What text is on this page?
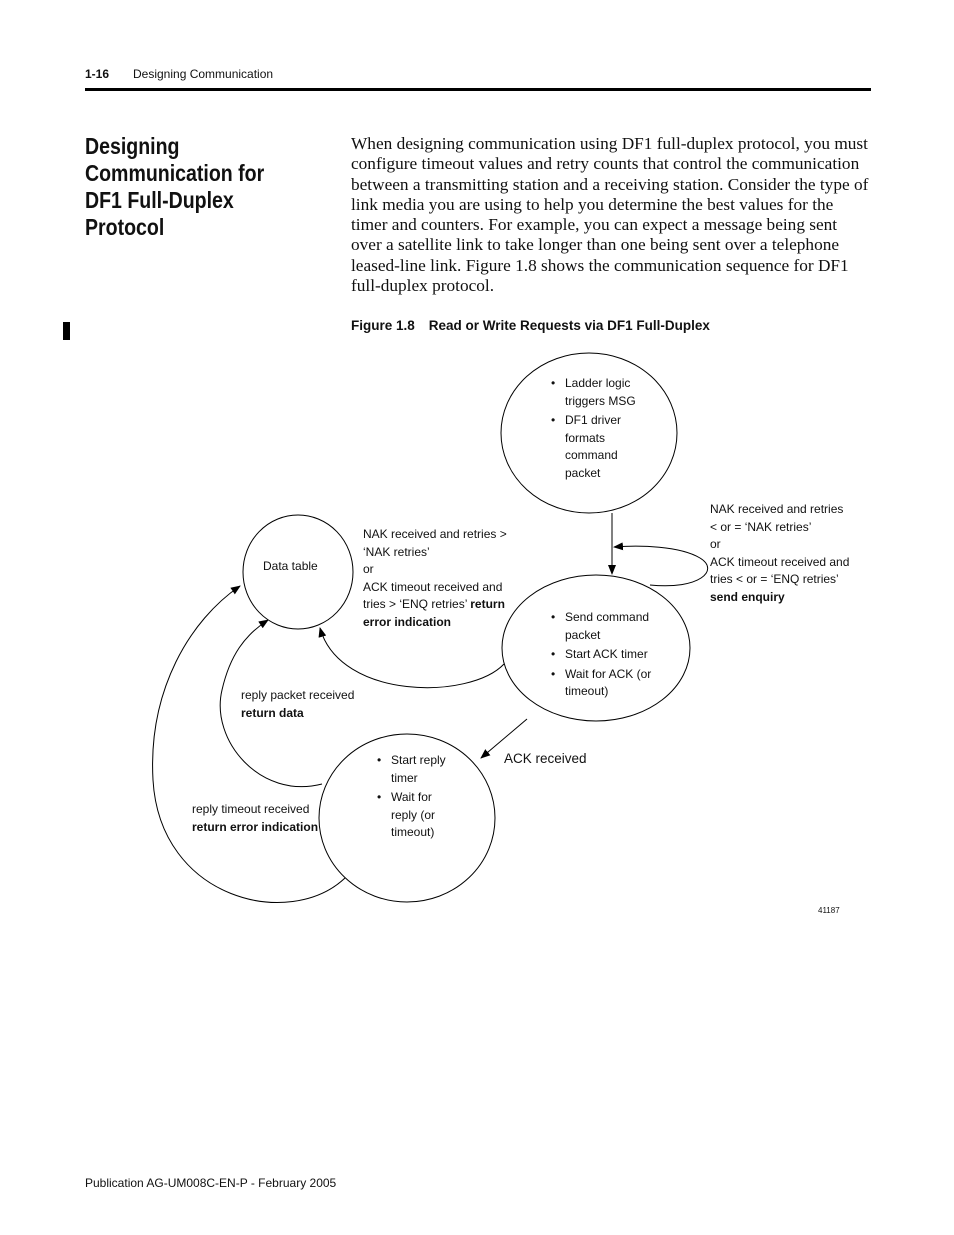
1-16 Designing Communication
Designing Communication for DF1 Full-Duplex Protocol
When designing communication using DF1 full-duplex protocol, you must configure timeout values and retry counts that control the communication between a transmitting station and a receiving station. Consider the type of link media you are using to help you determine the best values for the timer and counters. For example, you can expect a message being sent over a satellite link to take longer than one being sent over a telephone leased-line link. Figure 1.8 shows the communication sequence for DF1 full-duplex protocol.
Figure 1.8 Read or Write Requests via DF1 Full-Duplex
• Ladder logic triggers MSG
• DF1 driver formats command packet
Data table
• Send command packet
• Start ACK timer
• Wait for ACK (or timeout)
• Start reply timer
• Wait for reply (or timeout)
NAK received and retries >
‘NAK retries’
or
ACK timeout received and
tries > ‘ENQ retries’ return
error indication
NAK received and retries
< or = ‘NAK retries’
or
ACK timeout received and
tries < or = ‘ENQ retries’
send enquiry
reply packet received
return data
reply timeout received
return error indication
ACK received
41187
Publication AG-UM008C-EN-P - February 2005
